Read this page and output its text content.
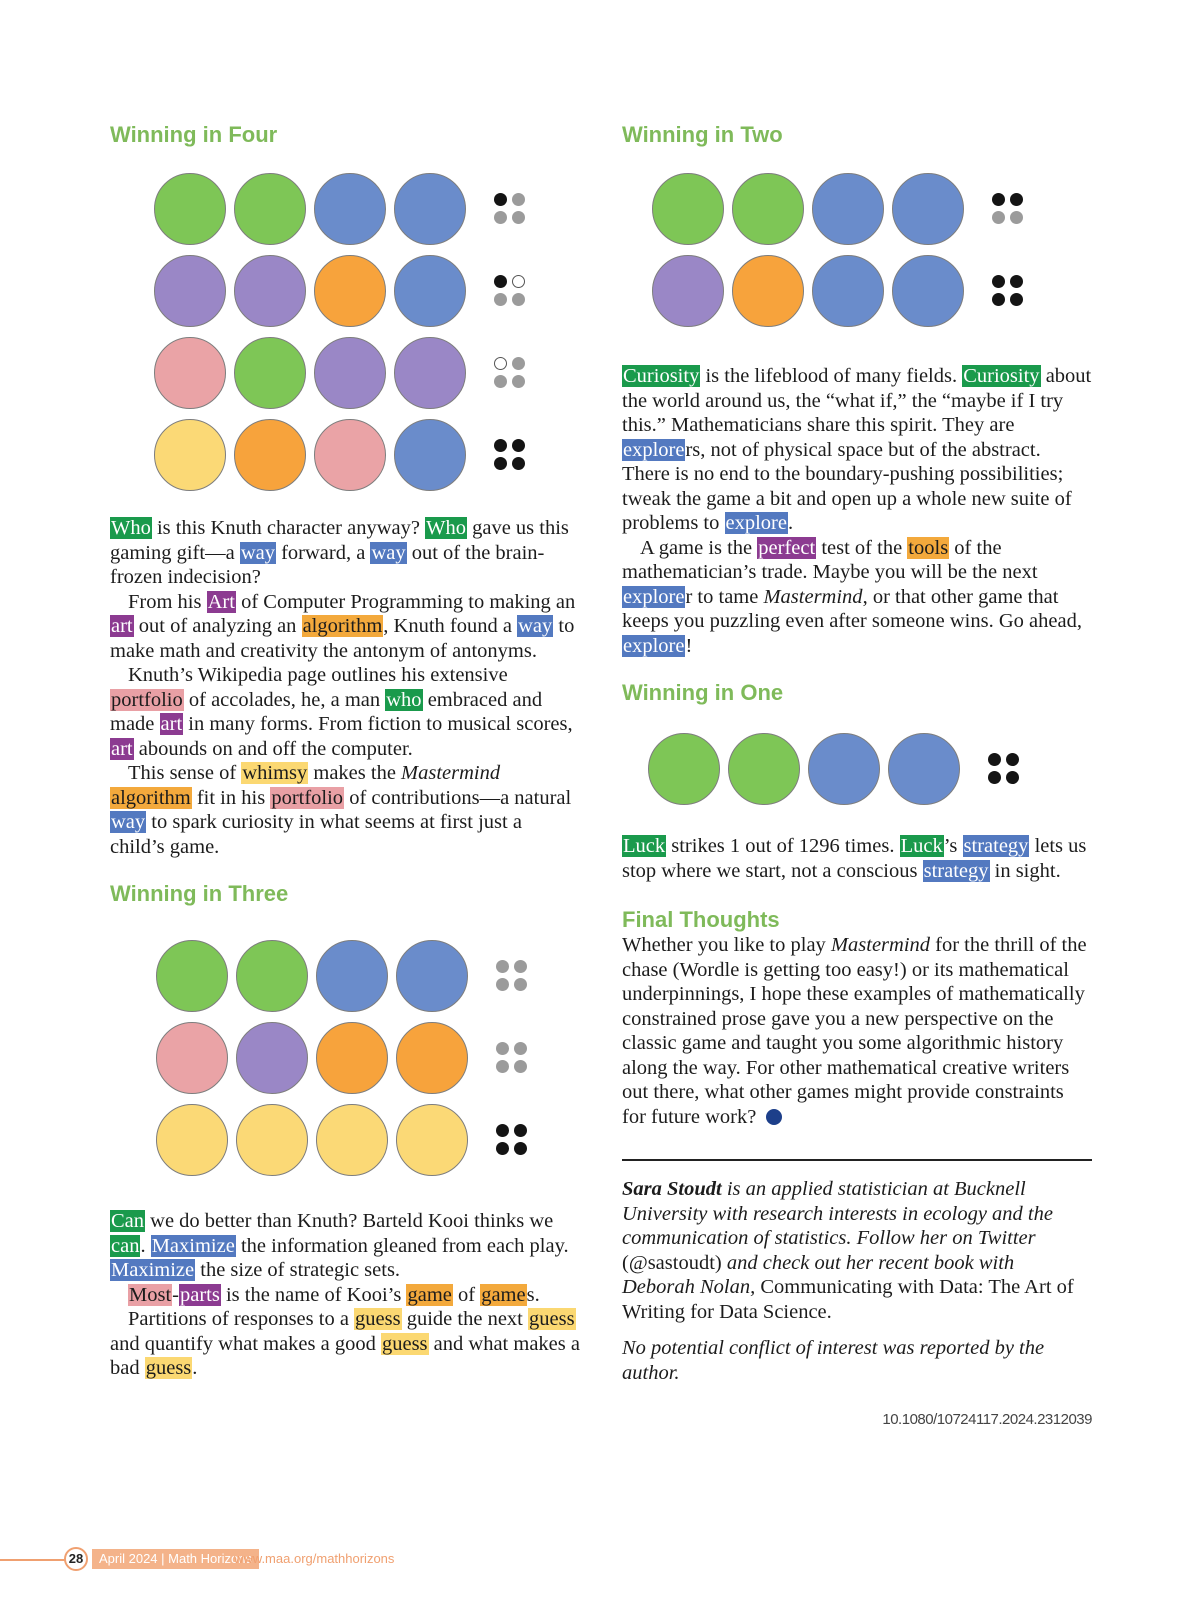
Winning in Four

Who is this Knuth character anyway? Who gave us this gaming gift—a way forward, a way out of the brain-frozen indecision?

From his Art of Computer Programming to making an art out of analyzing an algorithm, Knuth found a way to make math and creativity the antonym of antonyms.

Knuth’s Wikipedia page outlines his extensive portfolio of accolades, he, a man who embraced and made art in many forms. From fiction to musical scores, art abounds on and off the computer.

This sense of whimsy makes the Mastermind algorithm fit in his portfolio of contributions—a natural way to spark curiosity in what seems at first just a child’s game.

Winning in Three

Can we do better than Knuth? Barteld Kooi thinks we can. Maximize the information gleaned from each play. Maximize the size of strategic sets.

Most-parts is the name of Kooi’s game of games.

Partitions of responses to a guess guide the next guess and quantify what makes a good guess and what makes a bad guess.

Winning in Two

Curiosity is the lifeblood of many fields. Curiosity about the world around us, the “what if,” the “maybe if I try this.” Mathematicians share this spirit. They are explorers, not of physical space but of the abstract. There is no end to the boundary-pushing possibilities; tweak the game a bit and open up a whole new suite of problems to explore.

A game is the perfect test of the tools of the mathematician’s trade. Maybe you will be the next explorer to tame Mastermind, or that other game that keeps you puzzling even after someone wins. Go ahead, explore!

Winning in One

Luck strikes 1 out of 1296 times. Luck’s strategy lets us stop where we start, not a conscious strategy in sight.

Final Thoughts

Whether you like to play Mastermind for the thrill of the chase (Wordle is getting too easy!) or its mathematical underpinnings, I hope these examples of mathematically constrained prose gave you a new perspective on the classic game and taught you some algorithmic history along the way. For other mathematical creative writers out there, what other games might provide constraints for future work?

Sara Stoudt is an applied statistician at Bucknell University with research interests in ecology and the communication of statistics. Follow her on Twitter (@sastoudt) and check out her recent book with Deborah Nolan, Communicating with Data: The Art of Writing for Data Science.

No potential conflict of interest was reported by the author.

10.1080/10724117.2024.2312039
28	April 2024 | Math Horizons
www.maa.org/mathhorizons
